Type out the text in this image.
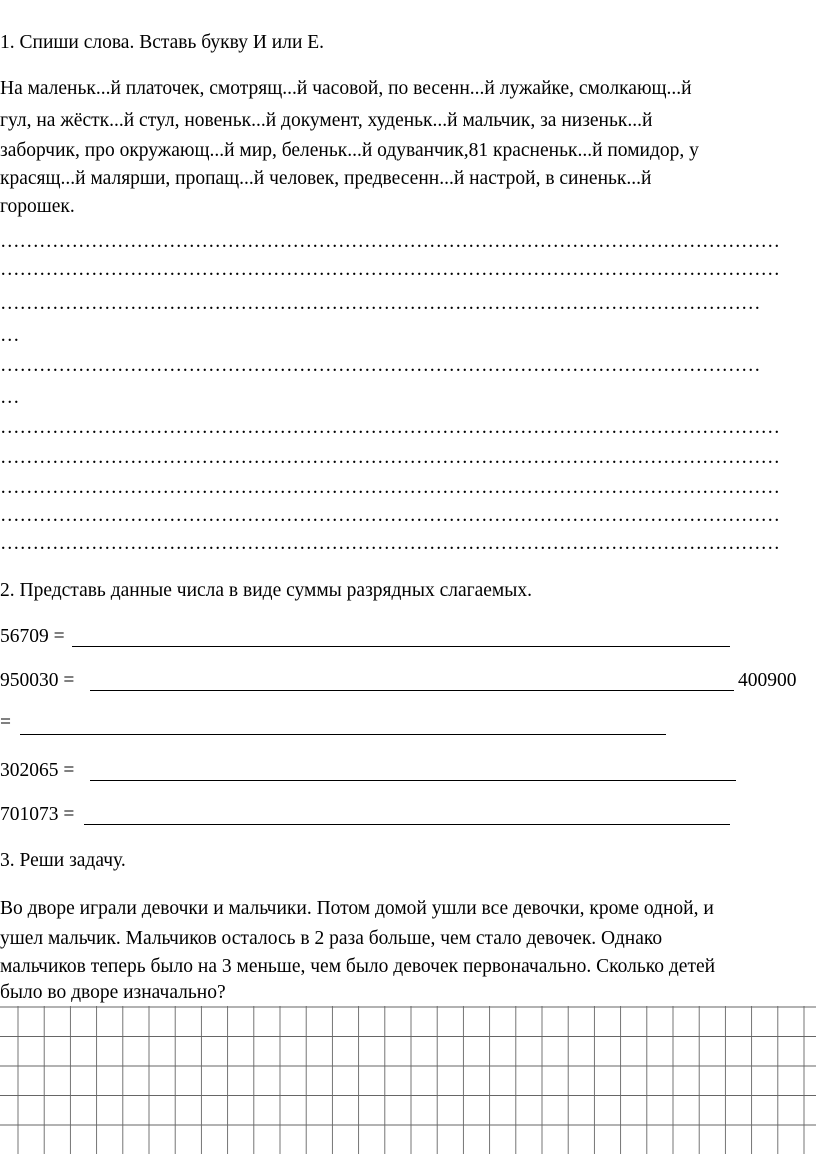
1. Спиши слова. Вставь букву И или Е.
На маленьк...й платочек, смотрящ...й часовой, по весенн...й лужайке, смолкающ...й
гул, на жёстк...й стул, новеньк...й документ, худеньк...й мальчик, за низеньк...й
заборчик, про окружающ...й мир, беленьк...й одуванчик,81 красненьк...й помидор, у
красящ...й малярши, пропащ...й человек, предвесенн...й настрой, в синеньк...й
горошек.
…………………………………………………………………………………………………………
…………………………………………………………………………………………………………
………………………………………………………………………………………………………
…
………………………………………………………………………………………………………
…
…………………………………………………………………………………………………………
…………………………………………………………………………………………………………
…………………………………………………………………………………………………………
…………………………………………………………………………………………………………
…………………………………………………………………………………………………………
2. Представь данные числа в виде суммы разрядных слагаемых.
56709 =
950030 =	400900
=
302065 =
701073 =
3. Реши задачу.
Во дворе играли девочки и мальчики. Потом домой ушли все девочки, кроме одной, и
ушел мальчик. Мальчиков осталось в 2 раза больше, чем стало девочек. Однако
мальчиков теперь было на 3 меньше, чем было девочек первоначально. Сколько детей
было во дворе изначально?
